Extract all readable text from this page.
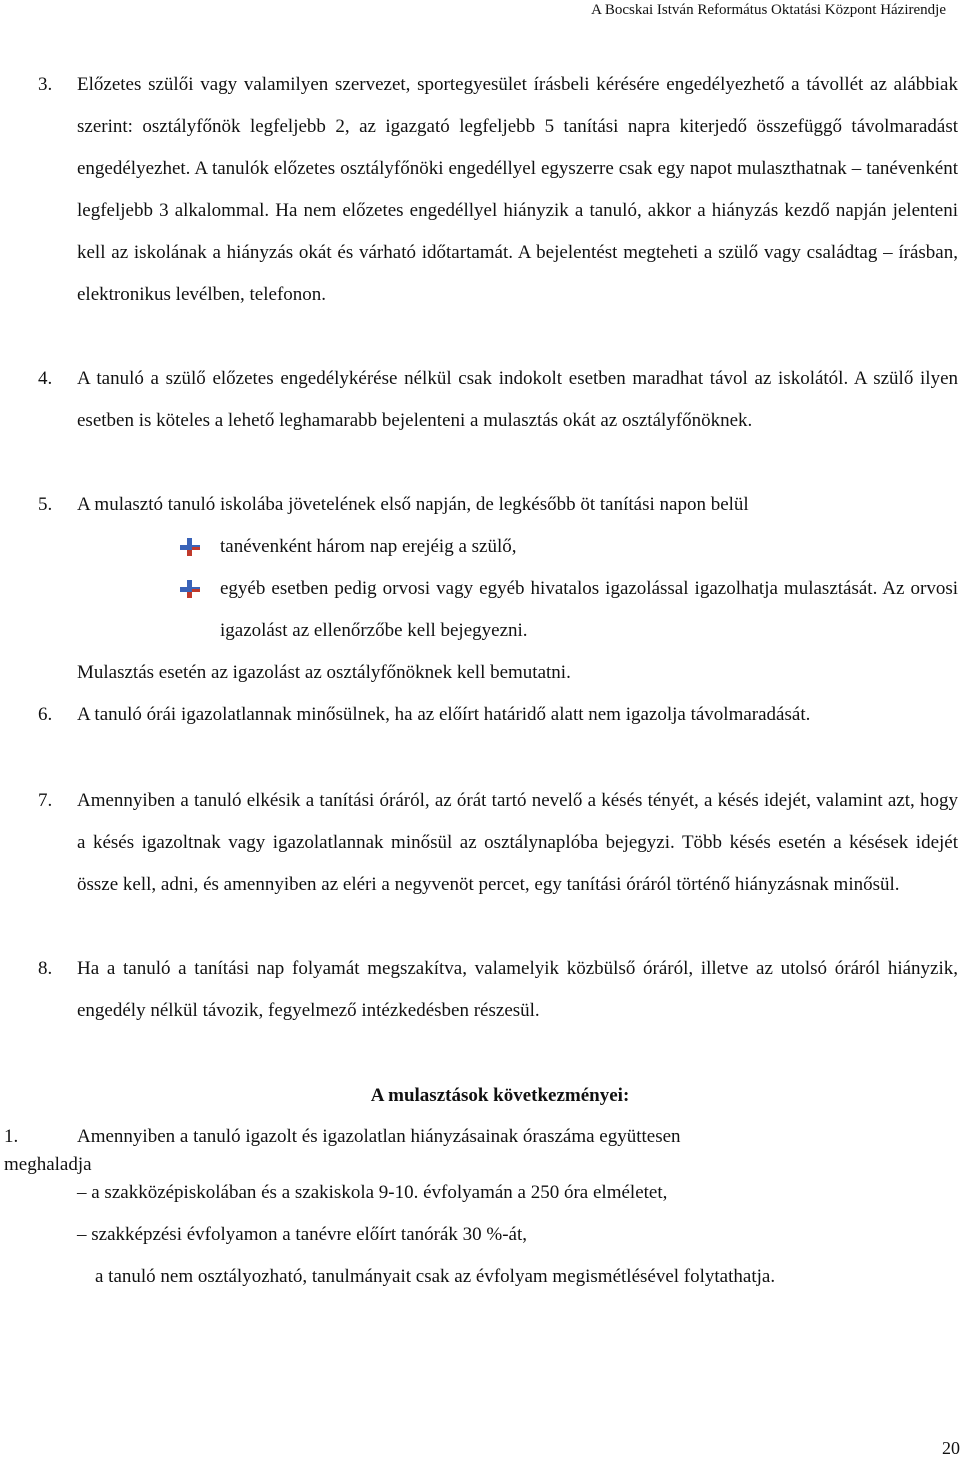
A Bocskai István Református Oktatási Központ Házirendje
3. Előzetes szülői vagy valamilyen szervezet, sportegyesület írásbeli kérésére engedélyezhető a távollét az alábbiak szerint: osztályfőnök legfeljebb 2, az igazgató legfeljebb 5 tanítási napra kiterjedő összefüggő távolmaradást engedélyezhet. A tanulók előzetes osztályfőnöki engedéllyel egyszerre csak egy napot mulaszthatnak – tanévenként legfeljebb 3 alkalommal. Ha nem előzetes engedéllyel hiányzik a tanuló, akkor a hiányzás kezdő napján jelenteni kell az iskolának a hiányzás okát és várható időtartamát. A bejelentést megteheti a szülő vagy családtag – írásban, elektronikus levélben, telefonon.
4. A tanuló a szülő előzetes engedélykérése nélkül csak indokolt esetben maradhat távol az iskolától. A szülő ilyen esetben is köteles a lehető leghamarabb bejelenteni a mulasztás okát az osztályfőnöknek.
5. A mulasztó tanuló iskolába jövetelének első napján, de legkésőbb öt tanítási napon belül
tanévenként három nap erejéig a szülő,
egyéb esetben pedig orvosi vagy egyéb hivatalos igazolással igazolhatja mulasztását. Az orvosi igazolást az ellenőrzőbe kell bejegyezni.
Mulasztás esetén az igazolást az osztályfőnöknek kell bemutatni.
6. A tanuló órái igazolatlannak minősülnek, ha az előírt határidő alatt nem igazolja távolmaradását.
7. Amennyiben a tanuló elkésik a tanítási óráról, az órát tartó nevelő a késés tényét, a késés idejét, valamint azt, hogy a késés igazoltnak vagy igazolatlannak minősül az osztálynaplóba bejegyzi. Több késés esetén a késések idejét össze kell, adni, és amennyiben az eléri a negyvenöt percet, egy tanítási óráról történő hiányzásnak minősül.
8. Ha a tanuló a tanítási nap folyamát megszakítva, valamelyik közbülső óráról, illetve az utolsó óráról hiányzik, engedély nélkül távozik, fegyelmező intézkedésben részesül.
A mulasztások következményei:
1.	Amennyiben a tanuló igazolt és igazolatlan hiányzásainak óraszáma együttesen
meghaladja
– a szakközépiskolában és a szakiskola 9-10. évfolyamán a 250 óra elméletet,
– szakképzési évfolyamon a tanévre előírt tanórák 30 %-át,
a tanuló nem osztályozható, tanulmányait csak az évfolyam megismétlésével folytathatja.
20
